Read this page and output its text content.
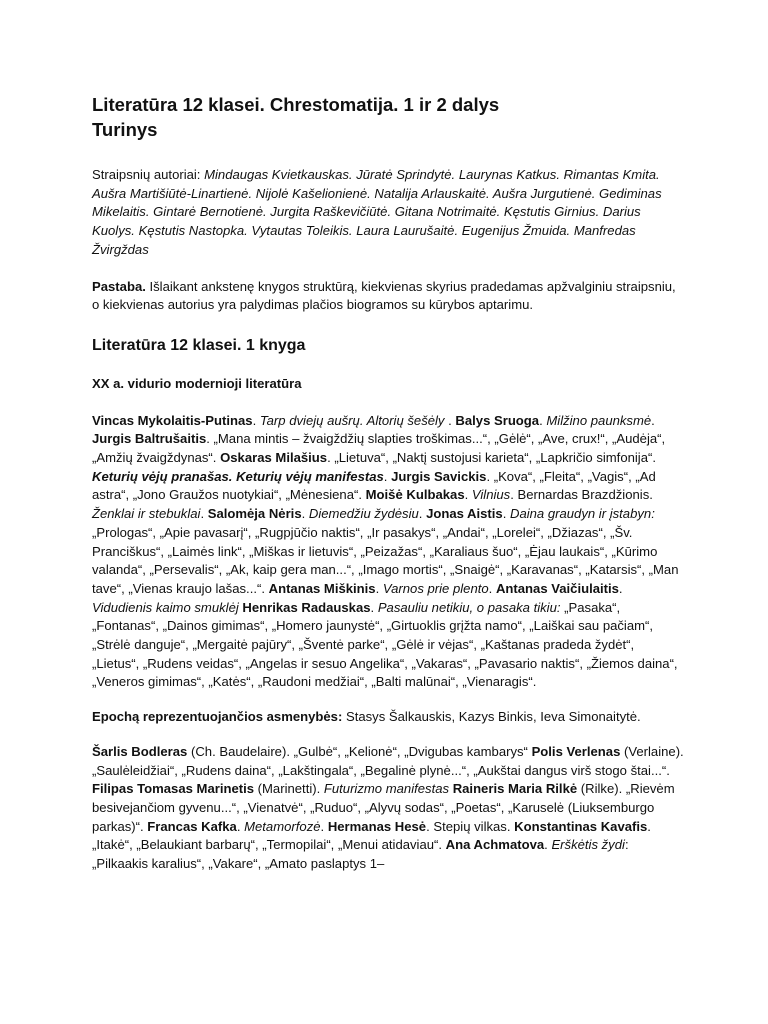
Literatūra 12 klasei. Chrestomatija. 1 ir 2 dalys
Turinys

Straipsnių autoriai: Mindaugas Kvietkauskas. Jūratė Sprindytė. Laurynas Katkus. Rimantas Kmita. Aušra Martišiūtė-Linartienė. Nijolė Kašelionienė. Natalija Arlauskaitė. Aušra Jurgutienė. Gediminas Mikelaitis. Gintarė Bernotienė. Jurgita Raškevičiūtė. Gitana Notrimaitė. Kęstutis Girnius. Darius Kuolys. Kęstutis Nastopka. Vytautas Toleikis. Laura Laurušaitė. Eugenijus Žmuida. Manfredas Žvirgždas

Pastaba. Išlaikant ankstenę knygos struktūrą, kiekvienas skyrius pradedamas apžvalginiu straipsniu, o kiekvienas autorius yra palydimas plačios biogramos su kūrybos aptarimu.

Literatūra 12 klasei. 1 knyga

XX a. vidurio modernioji literatūra

Vincas Mykolaitis-Putinas. Tarp dviejų aušrų. Altorių šešėly . Balys Sruoga. Milžino paunksmė. Jurgis Baltrušaitis. „Mana mintis – žvaigždžių slapties troškimas...“, „Gėlė“, „Ave, crux!“, „Audėja“, „Amžių žvaigždynas“. Oskaras Milašius. „Lietuva“, „Naktį sustojusi karieta“, „Lapkričio simfonija“. Keturių vėjų pranašas. Keturių vėjų manifestas. Jurgis Savickis. „Kova“, „Fleita“, „Vagis“, „Ad astra“, „Jono Graužos nuotykiai“, „Mėnesiena“. Moišė Kulbakas. Vilnius. Bernardas Brazdžionis. Ženklai ir stebuklai. Salomėja Nėris. Diemedžiu žydėsiu. Jonas Aistis. Daina graudyn ir įstabyn: „Prologas“, „Apie pavasarį“, „Rugpjūčio naktis“, „Ir pasakys“, „Andai“, „Lorelei“, „Džiazas“, „Šv. Pranciškus“, „Laimės link“, „Miškas ir lietuvis“, „Peizažas“, „Karaliaus šuo“, „Ėjau laukais“, „Kūrimo valanda“, „Persevalis“, „Ak, kaip gera man...“, „Imago mortis“, „Snaigė“, „Karavanas“, „Katarsis“, „Man tave“, „Vienas kraujo lašas...“. Antanas Miškinis. Varnos prie plento. Antanas Vaičiulaitis. Vidudienis kaimo smuklėj Henrikas Radauskas. Pasauliu netikiu, o pasaka tikiu: „Pasaka“, „Fontanas“, „Dainos gimimas“, „Homero jaunystė“, „Girtuoklis grįžta namo“, „Laiškai sau pačiam“, „Strėlė danguje“, „Mergaitė pajūry“, „Šventė parke“, „Gėlė ir vėjas“, „Kaštanas pradeda žydėt“, „Lietus“, „Rudens veidas“, „Angelas ir sesuo Angelika“, „Vakaras“, „Pavasario naktis“, „Žiemos daina“, „Veneros gimimas“, „Katės“, „Raudoni medžiai“, „Balti malūnai“, „Vienaragis“.

Epochą reprezentuojančios asmenybės: Stasys Šalkauskis, Kazys Binkis, Ieva Simonaitytė.

Šarlis Bodleras (Ch. Baudelaire). „Gulbė“, „Kelionė“, „Dvigubas kambarys“ Polis Verlenas (Verlaine). „Saulėleidžiai“, „Rudens daina“, „Lakštingala“, „Begalinė plynė...“, „Aukštai dangus virš stogo štai...“. Filipas Tomasas Marinetis (Marinetti). Futurizmo manifestas Raineris Maria Rilkė (Rilke). „Rievėm besivejančiom gyvenu...“, „Vienatvė“, „Ruduo“, „Alyvų sodas“, „Poetas“, „Karuselė (Liuksemburgo parkas)“. Francas Kafka. Metamorfozė. Hermanas Hesė. Stepių vilkas. Konstantinas Kavafis. „Itakė“, „Belaukiant barbarų“, „Termopilai“, „Menui atidaviau“. Ana Achmatova. Erškėtis žydi: „Pilkaakis karalius“, „Vakare“, „Amato paslaptys 1–
